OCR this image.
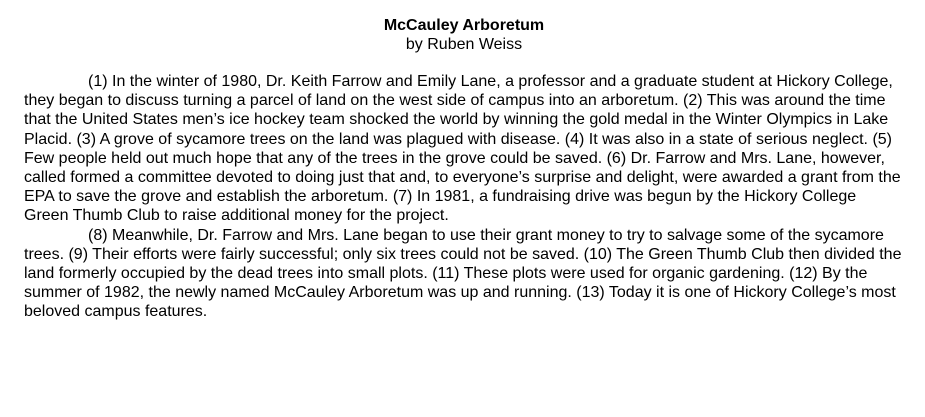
McCauley Arboretum

by Ruben Weiss

(1) In the winter of 1980, Dr. Keith Farrow and Emily Lane, a professor and a graduate student at Hickory College, they began to discuss turning a parcel of land on the west side of campus into an arboretum. (2) This was around the time that the United States men’s ice hockey team shocked the world by winning the gold medal in the Winter Olympics in Lake Placid. (3) A grove of sycamore trees on the land was plagued with disease. (4) It was also in a state of serious neglect. (5) Few people held out much hope that any of the trees in the grove could be saved. (6) Dr. Farrow and Mrs. Lane, however, called formed a committee devoted to doing just that and, to everyone’s surprise and delight, were awarded a grant from the EPA to save the grove and establish the arboretum. (7) In 1981, a fundraising drive was begun by the Hickory College Green Thumb Club to raise additional money for the project.

(8) Meanwhile, Dr. Farrow and Mrs. Lane began to use their grant money to try to salvage some of the sycamore trees. (9) Their efforts were fairly successful; only six trees could not be saved. (10) The Green Thumb Club then divided the land formerly occupied by the dead trees into small plots. (11) These plots were used for organic gardening. (12) By the summer of 1982, the newly named McCauley Arboretum was up and running. (13) Today it is one of Hickory College’s most beloved campus features.
